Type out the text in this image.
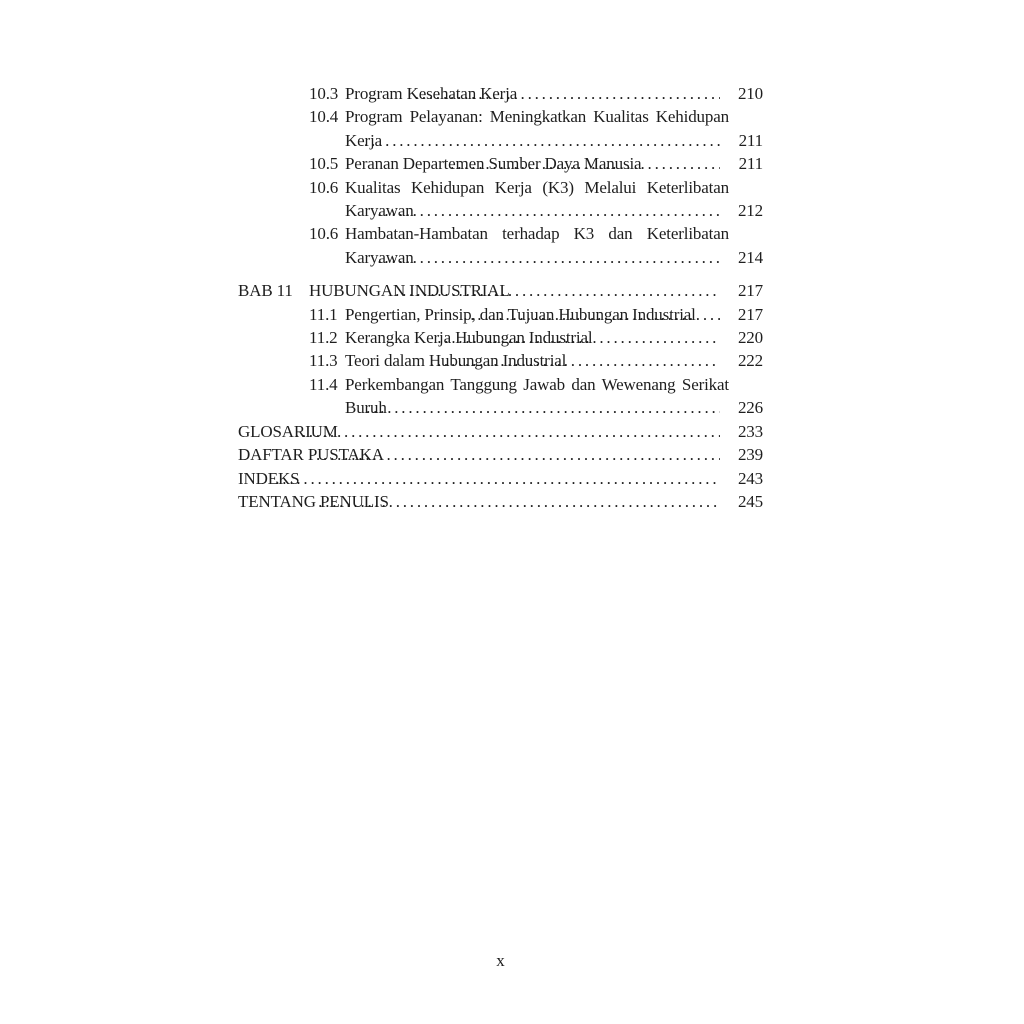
10.3 Program Kesehatan Kerja .....	210
10.4 Program Pelayanan: Meningkatkan Kualitas Kehidupan
Kerja .....	211
10.5 Peranan Departemen Sumber Daya Manusia .....	211
10.6 Kualitas Kehidupan Kerja (K3) Melalui Keterlibatan
Karyawan .....	212
10.6 Hambatan-Hambatan terhadap K3 dan Keterlibatan
Karyawan .....	214
BAB 11 HUBUNGAN INDUSTRIAL .....	217
11.1 Pengertian, Prinsip, dan Tujuan Hubungan Industrial .....	217
11.2 Kerangka Kerja Hubungan Industrial .....	220
11.3 Teori dalam Hubungan Industrial .....	222
11.4 Perkembangan Tanggung Jawab dan Wewenang Serikat
Buruh .....	226
GLOSARIUM .....	233
DAFTAR PUSTAKA .....	239
INDEKS .....	243
TENTANG PENULIS .....	245
x
